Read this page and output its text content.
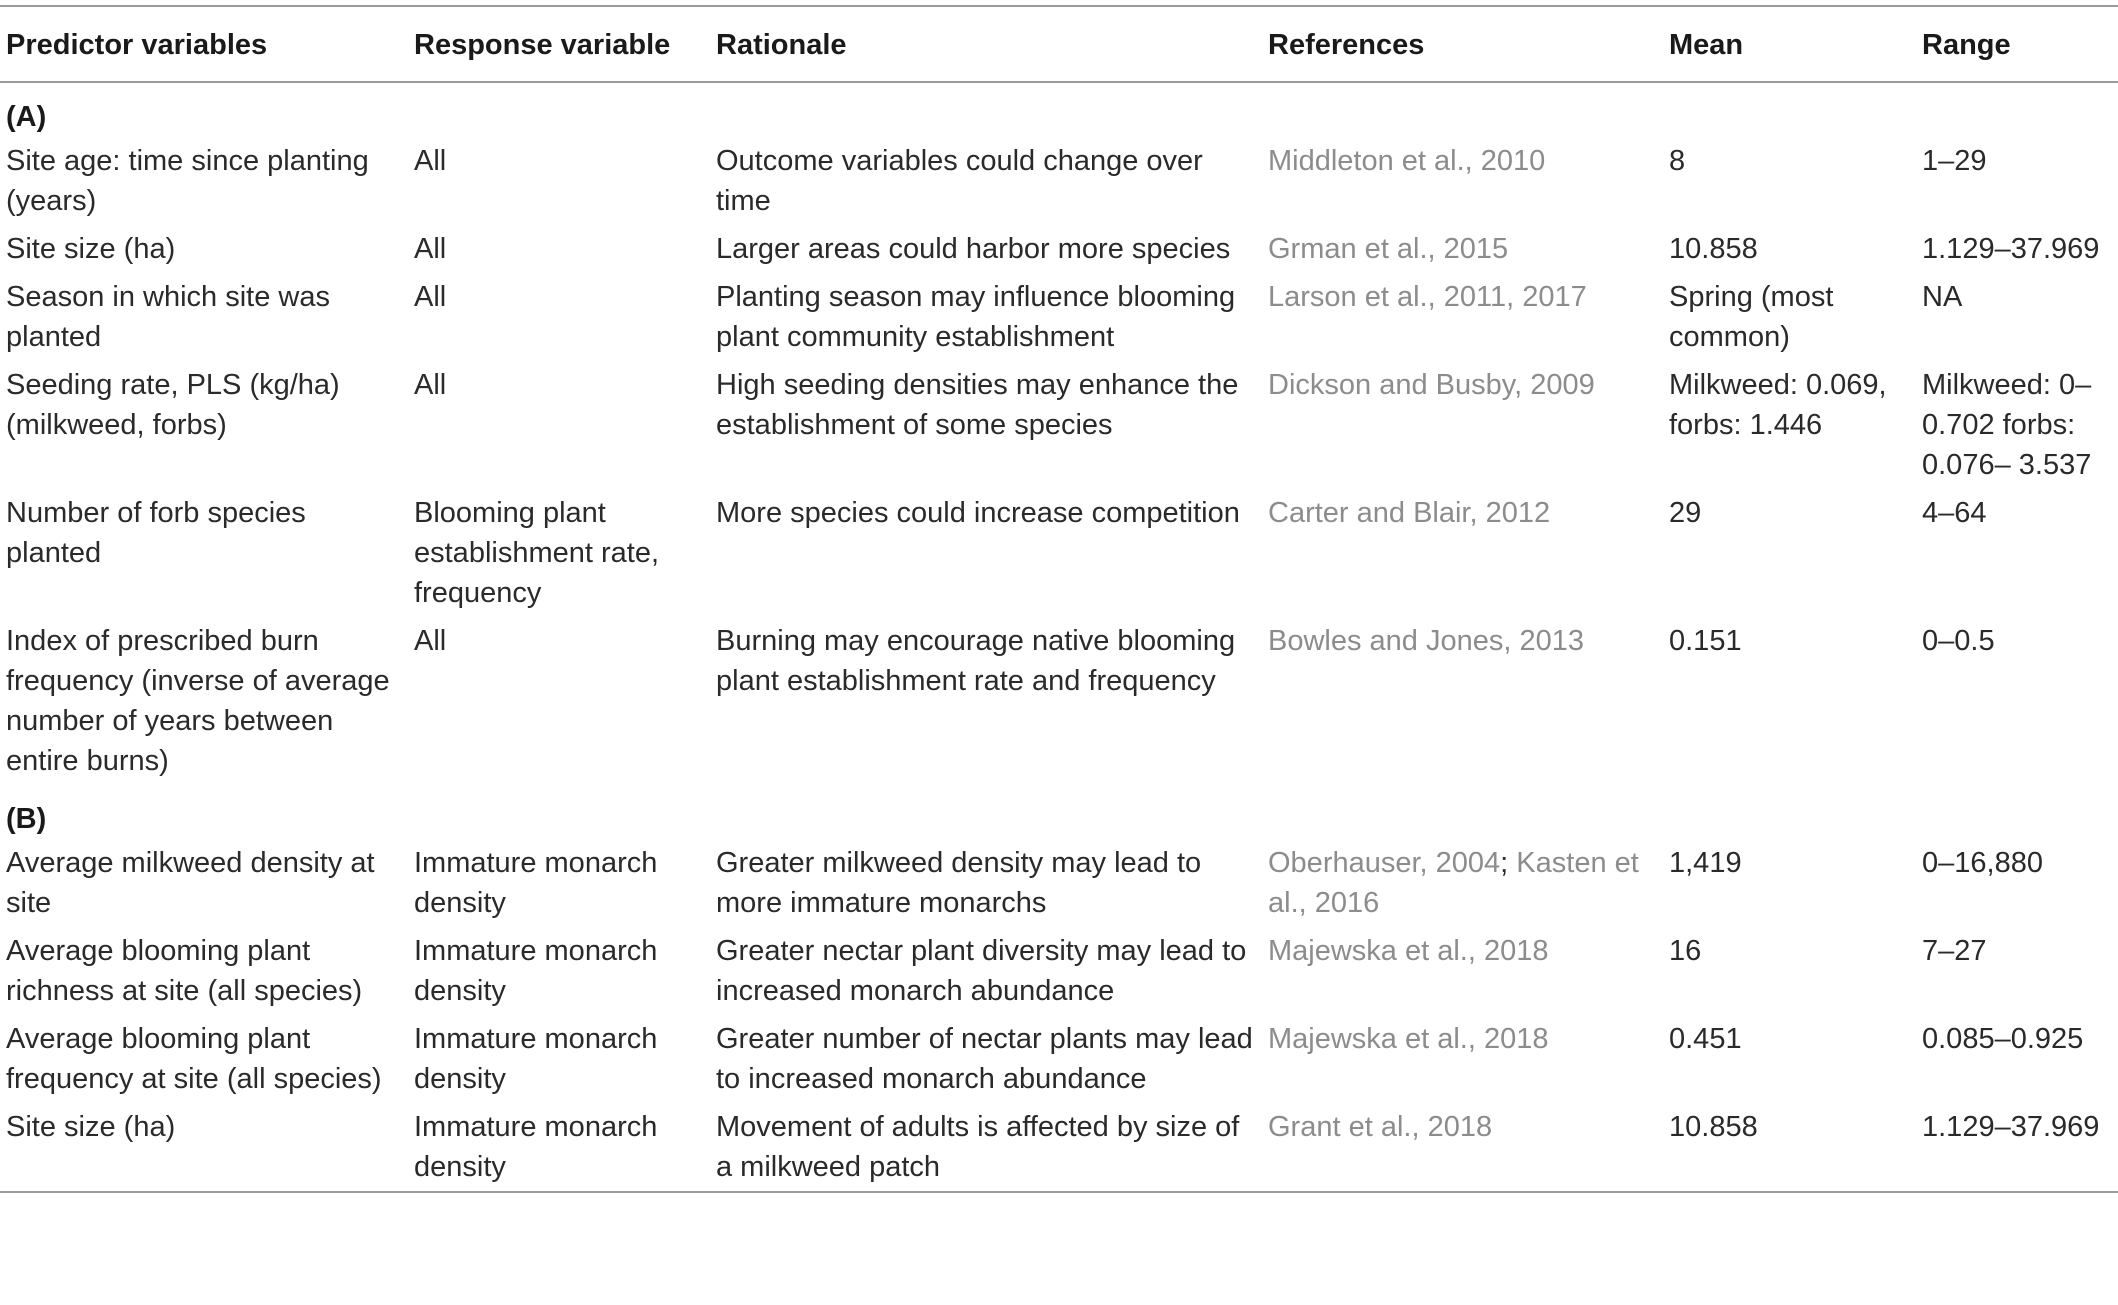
Predictor variables	Response variable	Rationale	References	Mean	Range
(A)					
Site age: time since planting (years)	All	Outcome variables could change over time	Middleton et al., 2010	8	1–29
Site size (ha)	All	Larger areas could harbor more species	Grman et al., 2015	10.858	1.129–37.969
Season in which site was planted	All	Planting season may influence blooming plant community establishment	Larson et al., 2011, 2017	Spring (most common)	NA
Seeding rate, PLS (kg/ha) (milkweed, forbs)	All	High seeding densities may enhance the establishment of some species	Dickson and Busby, 2009	Milkweed: 0.069, forbs: 1.446	Milkweed: 0–0.702 forbs: 0.076– 3.537
Number of forb species planted	Blooming plant establishment rate, frequency	More species could increase competition	Carter and Blair, 2012	29	4–64
Index of prescribed burn frequency (inverse of average number of years between entire burns)	All	Burning may encourage native blooming plant establishment rate and frequency	Bowles and Jones, 2013	0.151	0–0.5
(B)					
Average milkweed density at site	Immature monarch density	Greater milkweed density may lead to more immature monarchs	Oberhauser, 2004; Kasten et al., 2016	1,419	0–16,880
Average blooming plant richness at site (all species)	Immature monarch density	Greater nectar plant diversity may lead to increased monarch abundance	Majewska et al., 2018	16	7–27
Average blooming plant frequency at site (all species)	Immature monarch density	Greater number of nectar plants may lead to increased monarch abundance	Majewska et al., 2018	0.451	0.085–0.925
Site size (ha)	Immature monarch density	Movement of adults is affected by size of a milkweed patch	Grant et al., 2018	10.858	1.129–37.969
